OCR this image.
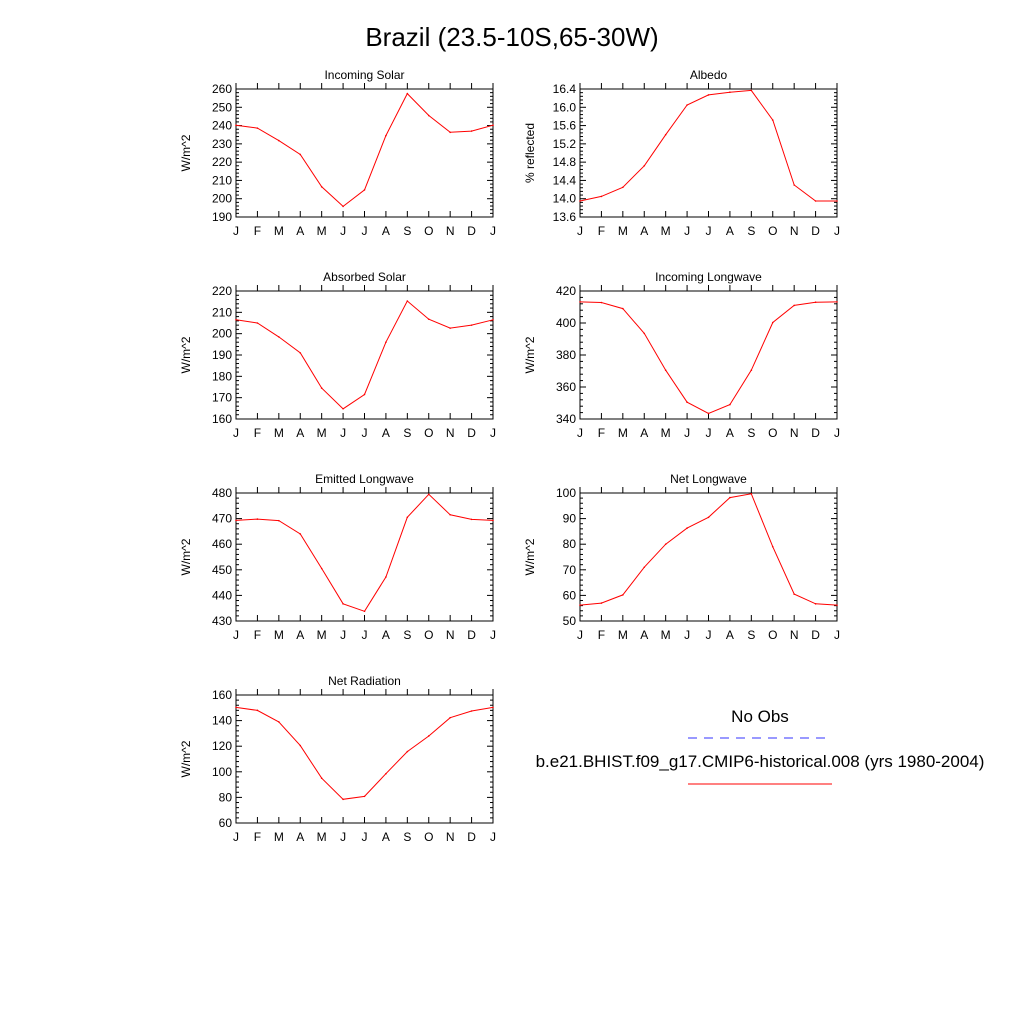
Brazil (23.5-10S,65-30W)
Incoming Solar
W/m^2
190
200
210
220
230
240
250
260
J F M A M J J A S O N D J
Albedo
% reflected
13.6
14.0
14.4
14.8
15.2
15.6
16.0
16.4
J F M A M J J A S O N D J
Absorbed Solar
W/m^2
160
170
180
190
200
210
220
J F M A M J J A S O N D J
Incoming Longwave
W/m^2
340
360
380
400
420
J F M A M J J A S O N D J
Emitted Longwave
W/m^2
430
440
450
460
470
480
J F M A M J J A S O N D J
Net Longwave
W/m^2
50
60
70
80
90
100
J F M A M J J A S O N D J
Net Radiation
W/m^2
60
80
100
120
140
160
J F M A M J J A S O N D J
No Obs
b.e21.BHIST.f09_g17.CMIP6-historical.008 (yrs 1980-2004)
